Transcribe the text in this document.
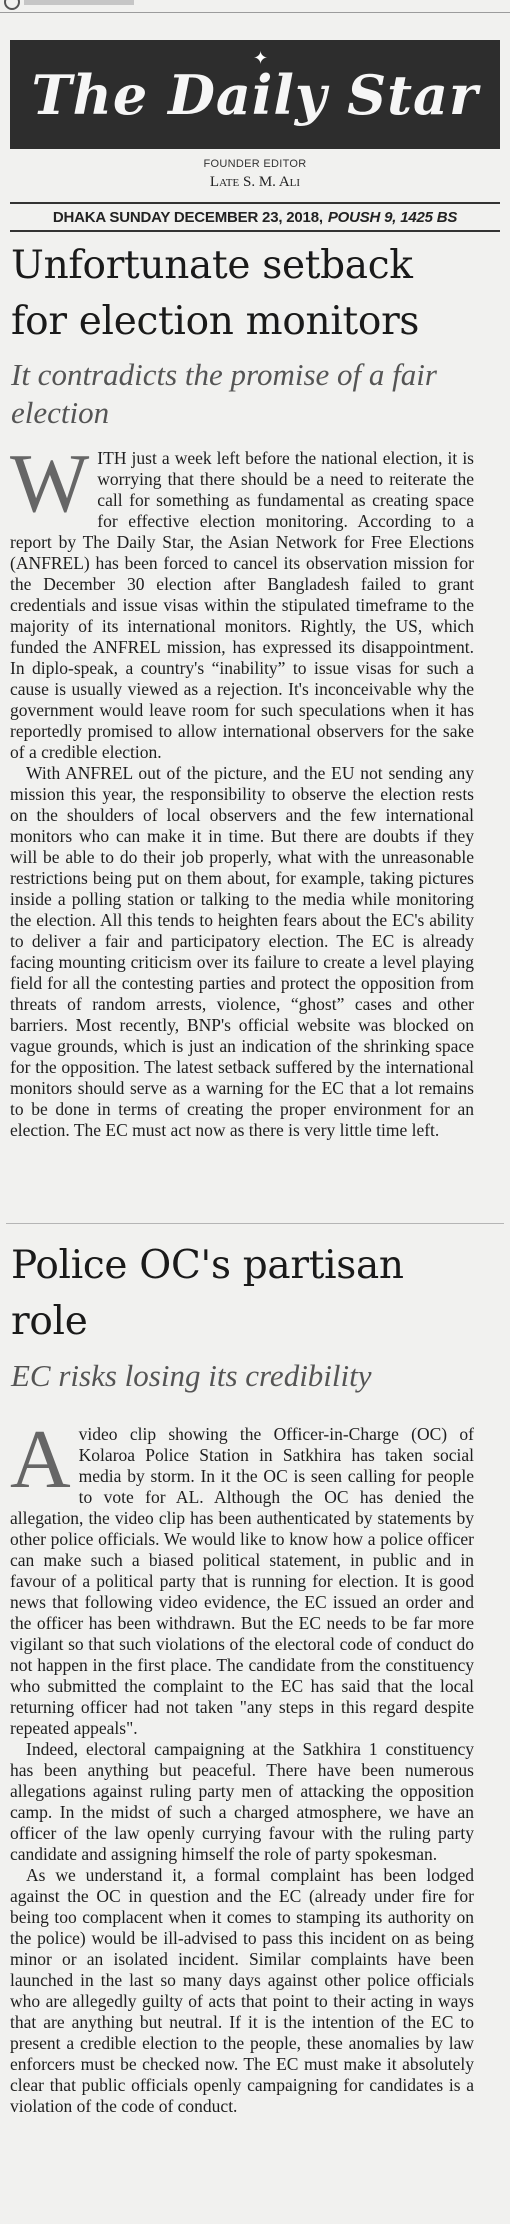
✦
The Daily Star
FOUNDER EDITOR
Late S. M. Ali
DHAKA SUNDAY DECEMBER 23, 2018, POUSH 9, 1425 BS
Unfortunate setback
for election monitors
It contradicts the promise of a fair election

WITH just a week left before the national election, it is worrying that there should be a need to reiterate the call for something as fundamental as creating space for effective election monitoring. According to a report by The Daily Star, the Asian Network for Free Elections (ANFREL) has been forced to cancel its observation mission for the December 30 election after Bangladesh failed to grant credentials and issue visas within the stipulated timeframe to the majority of its international monitors. Rightly, the US, which funded the ANFREL mission, has expressed its disappointment. In diplo-speak, a country's “inability” to issue visas for such a cause is usually viewed as a rejection. It's inconceivable why the government would leave room for such speculations when it has reportedly promised to allow international observers for the sake of a credible election.

With ANFREL out of the picture, and the EU not sending any mission this year, the responsibility to observe the election rests on the shoulders of local observers and the few international monitors who can make it in time. But there are doubts if they will be able to do their job properly, what with the unreasonable restrictions being put on them about, for example, taking pictures inside a polling station or talking to the media while monitoring the election. All this tends to heighten fears about the EC's ability to deliver a fair and participatory election. The EC is already facing mounting criticism over its failure to create a level playing field for all the contesting parties and protect the opposition from threats of random arrests, violence, “ghost” cases and other barriers. Most recently, BNP's official website was blocked on vague grounds, which is just an indication of the shrinking space for the opposition. The latest setback suffered by the international monitors should serve as a warning for the EC that a lot remains to be done in terms of creating the proper environment for an election. The EC must act now as there is very little time left.

Police OC's partisan
role
EC risks losing its credibility

Avideo clip showing the Officer-in-Charge (OC) of Kolaroa Police Station in Satkhira has taken social media by storm. In it the OC is seen calling for people to vote for AL. Although the OC has denied the allegation, the video clip has been authenticated by statements by other police officials. We would like to know how a police officer can make such a biased political statement, in public and in favour of a political party that is running for election. It is good news that following video evidence, the EC issued an order and the officer has been withdrawn. But the EC needs to be far more vigilant so that such violations of the electoral code of conduct do not happen in the first place. The candidate from the constituency who submitted the complaint to the EC has said that the local returning officer had not taken "any steps in this regard despite repeated appeals".

Indeed, electoral campaigning at the Satkhira 1 constituency has been anything but peaceful. There have been numerous allegations against ruling party men of attacking the opposition camp. In the midst of such a charged atmosphere, we have an officer of the law openly currying favour with the ruling party candidate and assigning himself the role of party spokesman.

As we understand it, a formal complaint has been lodged against the OC in question and the EC (already under fire for being too complacent when it comes to stamping its authority on the police) would be ill-advised to pass this incident on as being minor or an isolated incident. Similar complaints have been launched in the last so many days against other police officials who are allegedly guilty of acts that point to their acting in ways that are anything but neutral. If it is the intention of the EC to present a credible election to the people, these anomalies by law enforcers must be checked now. The EC must make it absolutely clear that public officials openly campaigning for candidates is a violation of the code of conduct.
